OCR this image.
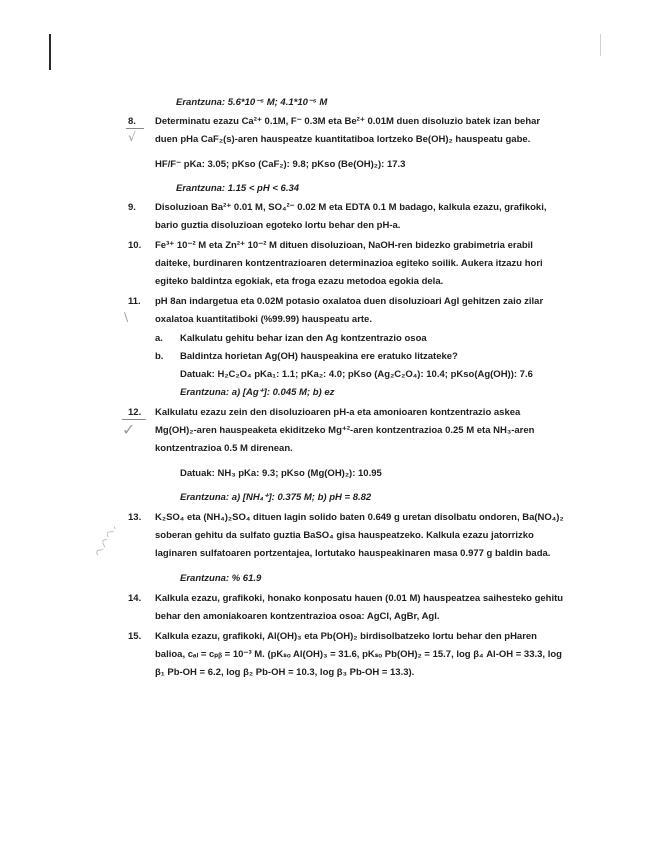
Erantzuna: 5.6*10⁻⁵ M; 4.1*10⁻⁵ M
8.
√
Determinatu ezazu Ca²⁺ 0.1M, F⁻ 0.3M eta Be²⁺ 0.01M duen disoluzio batek izan behar
duen pHa CaF₂(s)-aren hauspeatze kuantitatiboa lortzeko Be(OH)₂ hauspeatu gabe.
HF/F⁻ pKa: 3.05; pKso (CaF₂): 9.8; pKso (Be(OH)₂): 17.3
Erantzuna: 1.15 < pH < 6.34
9. Disoluzioan Ba²⁺ 0.01 M, SO₄²⁻ 0.02 M eta EDTA 0.1 M badago, kalkula ezazu, grafikoki,
bario guztia disoluzioan egoteko lortu behar den pH-a.
10. Fe³⁺ 10⁻² M eta Zn²⁺ 10⁻² M dituen disoluzioan, NaOH-ren bidezko grabimetria erabil
daiteke, burdinaren kontzentrazioaren determinazioa egiteko soilik. Aukera itzazu hori
egiteko baldintza egokiak, eta froga ezazu metodoa egokia dela.
11.
/
pH 8an indargetua eta 0.02M potasio oxalatoa duen disoluzioari AgI gehitzen zaio zilar
oxalatoa kuantitatiboki (%99.99) hauspeatu arte.
a. Kalkulatu gehitu behar izan den Ag kontzentrazio osoa
b. Baldintza horietan Ag(OH) hauspeakina ere eratuko litzateke?
Datuak: H₂C₂O₄ pKa₁: 1.1; pKa₂: 4.0; pKso (Ag₂C₂O₄): 10.4; pKso(Ag(OH)): 7.6
Erantzuna: a) [Ag⁺]: 0.045 M; b) ez
12.
✓
Kalkulatu ezazu zein den disoluzioaren pH-a eta amonioaren kontzentrazio askea
Mg(OH)₂-aren hauspeaketa ekiditzeko Mg⁺²-aren kontzentrazioa 0.25 M eta NH₃-aren
kontzentrazioa 0.5 M direnean.
Datuak: NH₃ pKa: 9.3; pKso (Mg(OH)₂): 10.95
Erantzuna: a) [NH₄⁺]: 0.375 M; b) pH = 8.82
13. K₂SO₄ eta (NH₄)₂SO₄ dituen lagin solido baten 0.649 g uretan disolbatu ondoren, Ba(NO₄)₂
soberan gehitu da sulfato guztia BaSO₄ gisa hauspeatzeko. Kalkula ezazu jatorrizko
laginaren sulfatoaren portzentajea, lortutako hauspeakinaren masa 0.977 g baldin bada.
Erantzuna: % 61.9
14. Kalkula ezazu, grafikoki, honako konposatu hauen (0.01 M) hauspeatzea saihesteko gehitu
behar den amoniakoaren kontzentrazioa osoa: AgCl, AgBr, AgI.
15. Kalkula ezazu, grafikoki, Al(OH)₃ eta Pb(OH)₂ birdisolbatzeko lortu behar den pHaren
balioa, cₐₗ = cₚᵦ = 10⁻³ M. (pKₛₒ Al(OH)₃ = 31.6, pKₛₒ Pb(OH)₂ = 15.7, log β₄ Al-OH = 33.3, log
β₁ Pb-OH = 6.2, log β₂ Pb-OH = 10.3, log β₃ Pb-OH = 13.3).
